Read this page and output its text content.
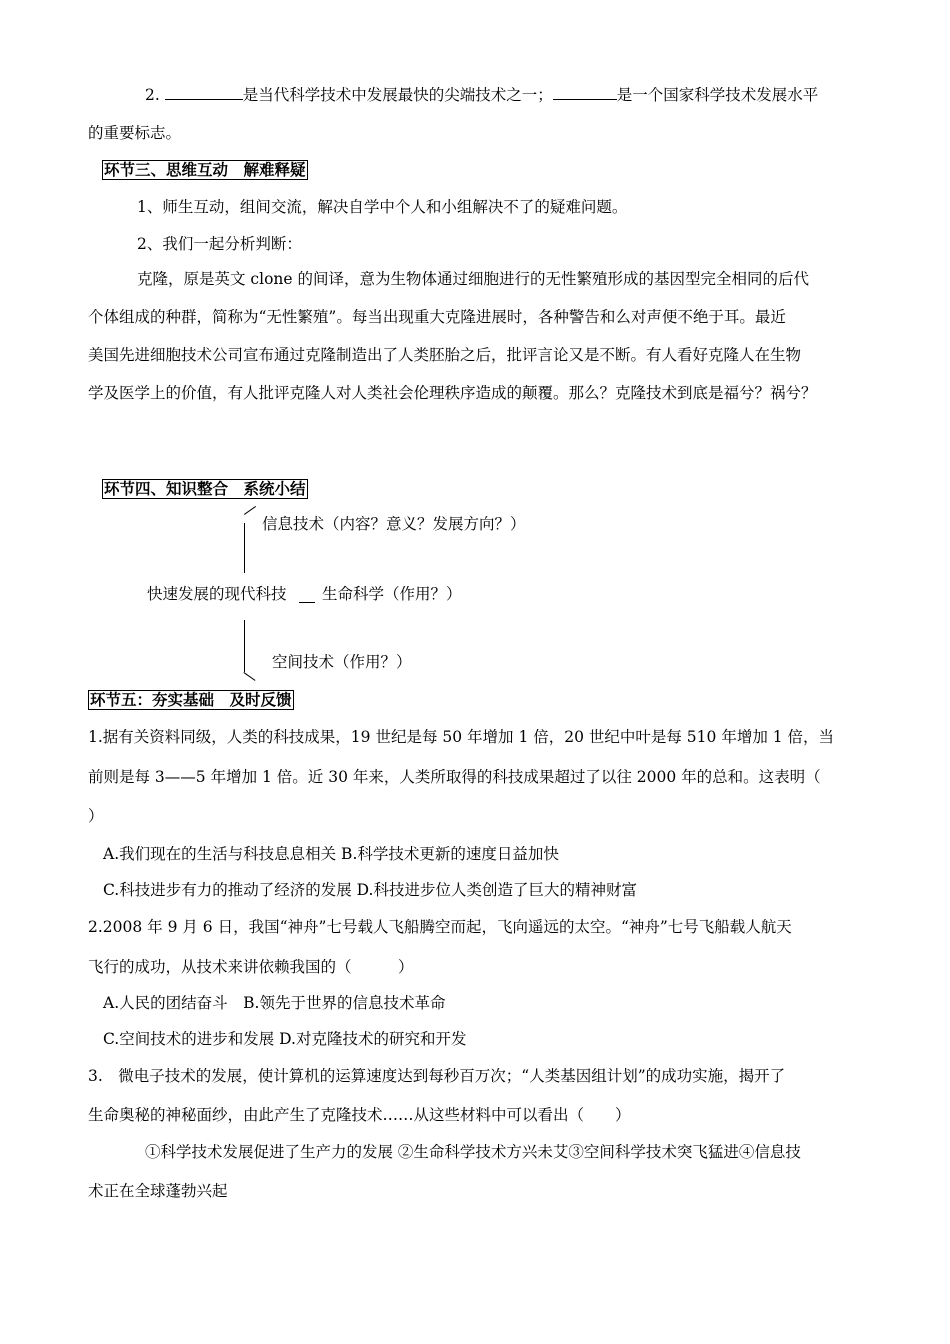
2.	是当代科学技术中发展最快的尖端技术之一；	是一个国家科学技术发展水平
的重要标志。
环节三、思维互动　解难释疑
1、师生互动，组间交流，解决自学中个人和小组解决不了的疑难问题。
2、我们一起分析判断：
克隆，原是英文 clone 的间译，意为生物体通过细胞进行的无性繁殖形成的基因型完全相同的后代
个体组成的种群，简称为“无性繁殖”。每当出现重大克隆进展时，各种警告和么对声便不绝于耳。最近
美国先进细胞技术公司宣布通过克隆制造出了人类胚胎之后，批评言论又是不断。有人看好克隆人在生物
学及医学上的价值，有人批评克隆人对人类社会伦理秩序造成的颠覆。那么？克隆技术到底是福兮？祸兮？
环节四、知识整合　系统小结
信息技术（内容？意义？发展方向？）
快速发展的现代科技 生命科学（作用？）
空间技术（作用？）
环节五：夯实基础　及时反馈
1.据有关资料同级，人类的科技成果，19 世纪是每 50 年增加 1 倍，20 世纪中叶是每 510 年增加 1 倍，当
前则是每 3——5 年增加 1 倍。近 30 年来，人类所取得的科技成果超过了以往 2000 年的总和。这表明（
）
A.我们现在的生活与科技息息相关 B.科学技术更新的速度日益加快
C.科技进步有力的推动了经济的发展 D.科技进步位人类创造了巨大的精神财富
2.2008 年 9 月 6 日，我国“神舟”七号载人飞船腾空而起，飞向遥远的太空。“神舟”七号飞船载人航天
飞行的成功，从技术来讲依赖我国的（　　　）
A.人民的团结奋斗　B.领先于世界的信息技术革命
C.空间技术的进步和发展 D.对克隆技术的研究和开发
3.　微电子技术的发展，使计算机的运算速度达到每秒百万次；“人类基因组计划”的成功实施，揭开了
生命奥秘的神秘面纱，由此产生了克隆技术……从这些材料中可以看出（　　）
①科学技术发展促进了生产力的发展 ②生命科学技术方兴未艾③空间科学技术突飞猛进④信息技
术正在全球蓬勃兴起
